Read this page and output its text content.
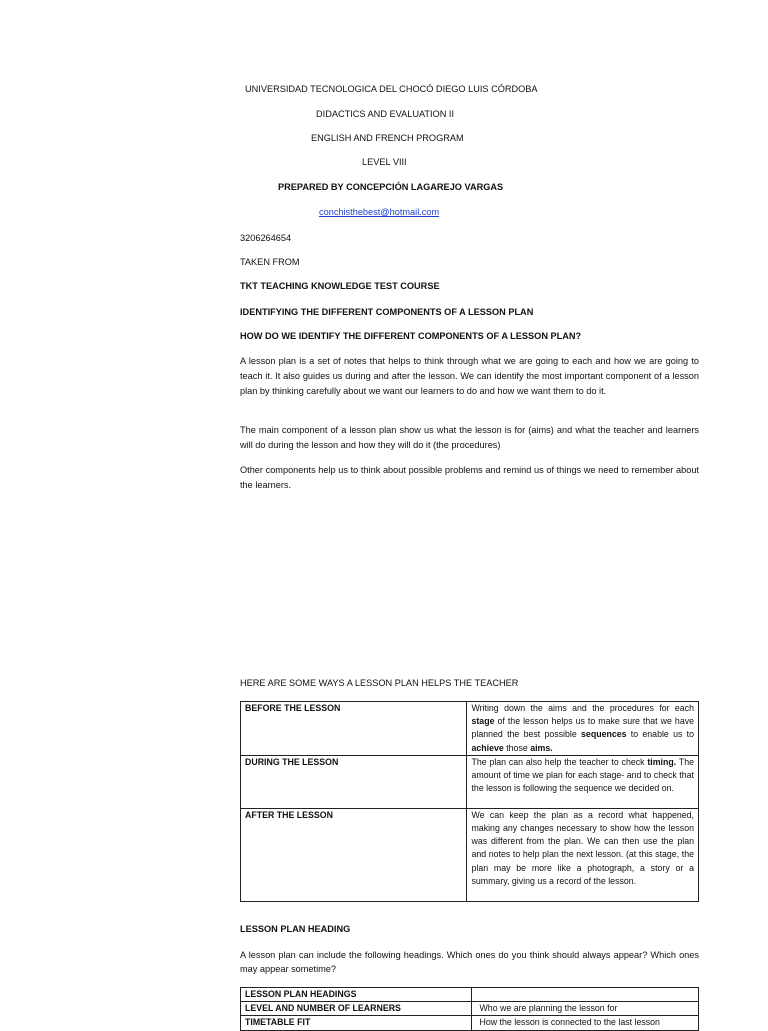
UNIVERSIDAD TECNOLOGICA DEL CHOCÓ DIEGO LUIS CÓRDOBA
DIDACTICS AND EVALUATION II
ENGLISH AND FRENCH PROGRAM
LEVEL VIII
PREPARED BY CONCEPCIÓN LAGAREJO VARGAS
conchisthebest@hotmail.com
3206264654
TAKEN FROM
TKT TEACHING KNOWLEDGE TEST COURSE
IDENTIFYING THE DIFFERENT COMPONENTS OF A LESSON PLAN
HOW DO WE IDENTIFY THE DIFFERENT COMPONENTS OF A LESSON PLAN?
A lesson plan is a set of notes that helps to think through what we are going to each and how we are going to teach it. It also guides us during and after the lesson. We can identify the most important component of a lesson plan by thinking carefully about we want our learners to do and how we want them to do it.
The main component of a lesson plan show us what the lesson is for (aims) and what the teacher and learners will do during the lesson and how they will do it (the procedures)
Other components help us to think about possible problems and remind us of things we need to remember about the learners.
HERE ARE SOME WAYS A LESSON PLAN HELPS THE TEACHER
BEFORE THE LESSON	Writing down the aims and the procedures for each stage of the lesson helps us to make sure that we have planned the best possible sequences to enable us to achieve those aims.
DURING THE LESSON	The plan can also help the teacher to check timing. The amount of time we plan for each stage- and to check that the lesson is following the sequence we decided on.
AFTER THE LESSON	We can keep the plan as a record what happened, making any changes necessary to show how the lesson was different from the plan. We can then use the plan and notes to help plan the next lesson. (at this stage, the plan may be more like a photograph, a story or a summary, giving us a record of the lesson.
LESSON PLAN HEADING
A lesson plan can include the following headings. Which ones do you think should always appear? Which ones may appear sometime?
LESSON PLAN HEADINGS	
LEVEL AND NUMBER OF LEARNERS	Who we are planning the lesson for
TIMETABLE FIT	How the lesson is connected to the last lesson
